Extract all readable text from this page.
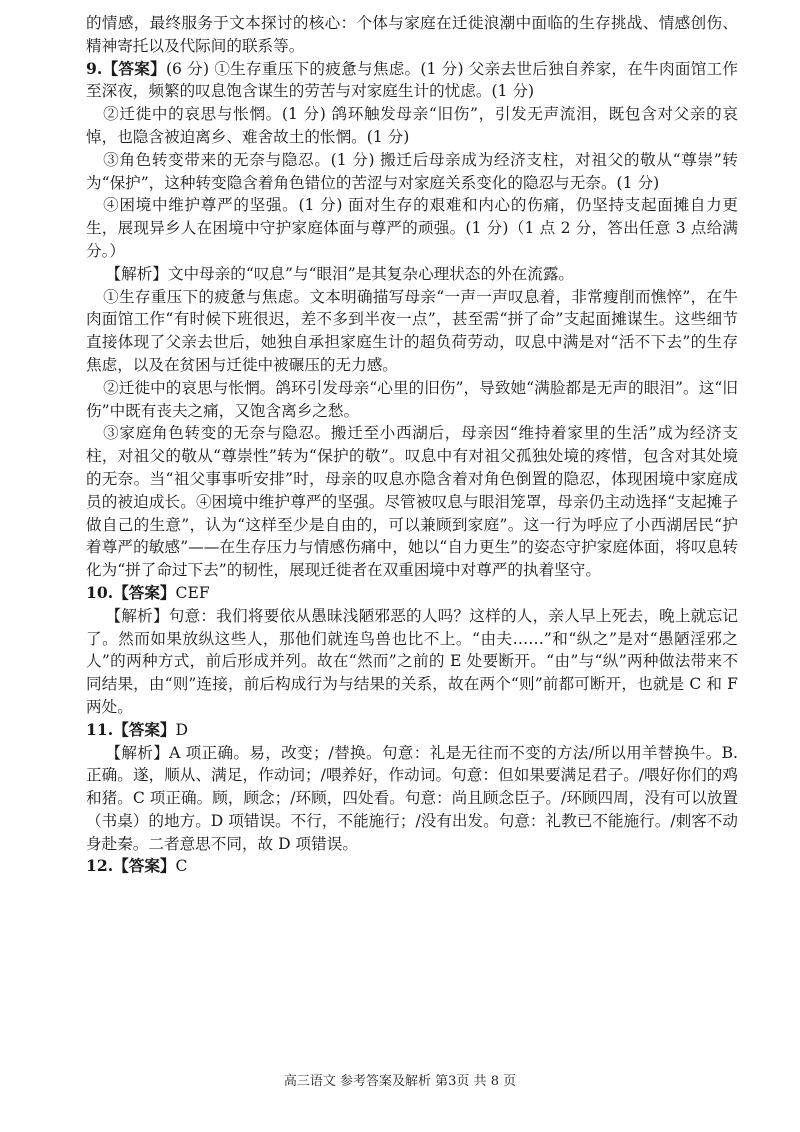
的情感，最终服务于文本探讨的核心：个体与家庭在迁徙浪潮中面临的生存挑战、情感创伤、精神寄托以及代际间的联系等。

9.【答案】(6 分) ①生存重压下的疲惫与焦虑。(1 分) 父亲去世后独自养家，在牛肉面馆工作至深夜，频繁的叹息饱含谋生的劳苦与对家庭生计的忧虑。(1 分)

②迁徙中的哀思与怅惘。(1 分) 鸽环触发母亲“旧伤”，引发无声流泪，既包含对父亲的哀悼，也隐含被迫离乡、难舍故土的怅惘。(1 分)

③角色转变带来的无奈与隐忍。(1 分) 搬迁后母亲成为经济支柱，对祖父的敬从“尊崇”转为“保护”，这种转变隐含着角色错位的苦涩与对家庭关系变化的隐忍与无奈。(1 分)

④困境中维护尊严的坚强。(1 分) 面对生存的艰难和内心的伤痛，仍坚持支起面摊自力更生，展现异乡人在困境中守护家庭体面与尊严的顽强。(1 分)（1 点 2 分，答出任意 3 点给满分。）

【解析】文中母亲的“叹息”与“眼泪”是其复杂心理状态的外在流露。

①生存重压下的疲惫与焦虑。文本明确描写母亲“一声一声叹息着，非常瘦削而憔悴”，在牛肉面馆工作“有时候下班很迟，差不多到半夜一点”，甚至需“拼了命”支起面摊谋生。这些细节直接体现了父亲去世后，她独自承担家庭生计的超负荷劳动，叹息中满是对“活不下去”的生存焦虑，以及在贫困与迁徙中被碾压的无力感。

②迁徙中的哀思与怅惘。鸽环引发母亲“心里的旧伤”，导致她“满脸都是无声的眼泪”。这“旧伤”中既有丧夫之痛，又饱含离乡之愁。

③家庭角色转变的无奈与隐忍。搬迁至小西湖后，母亲因“维持着家里的生活”成为经济支柱，对祖父的敬从“尊崇性”转为“保护的敬”。叹息中有对祖父孤独处境的疼惜，包含对其处境的无奈。当“祖父事事听安排”时，母亲的叹息亦隐含着对角色倒置的隐忍，体现困境中家庭成员的被迫成长。④困境中维护尊严的坚强。尽管被叹息与眼泪笼罩，母亲仍主动选择“支起摊子做自己的生意”，认为“这样至少是自由的，可以兼顾到家庭”。这一行为呼应了小西湖居民“护着尊严的敏感”——在生存压力与情感伤痛中，她以“自力更生”的姿态守护家庭体面，将叹息转化为“拼了命过下去”的韧性，展现迁徙者在双重困境中对尊严的执着坚守。

10.【答案】CEF

【解析】句意：我们将要依从愚昧浅陋邪恶的人吗？这样的人，亲人早上死去，晚上就忘记了。然而如果放纵这些人，那他们就连鸟兽也比不上。“由夫……”和“纵之”是对“愚陋淫邪之人”的两种方式，前后形成并列。故在“然而”之前的 E 处要断开。“由”与“纵”两种做法带来不同结果，由“则”连接，前后构成行为与结果的关系，故在两个“则”前都可断开，也就是 C 和 F 两处。

11.【答案】D

【解析】A 项正确。易，改变；/替换。句意：礼是无往而不变的方法/所以用羊替换牛。B.正确。遂，顺从、满足，作动词；/喂养好，作动词。句意：但如果要满足君子。/喂好你们的鸡和猪。C 项正确。顾，顾念；/环顾，四处看。句意：尚且顾念臣子。/环顾四周，没有可以放置（书桌）的地方。D 项错误。不行，不能施行；/没有出发。句意：礼教已不能施行。/刺客不动身赴秦。二者意思不同，故 D 项错误。

12.【答案】C

高三语文 参考答案及解析 第3页 共 8 页
